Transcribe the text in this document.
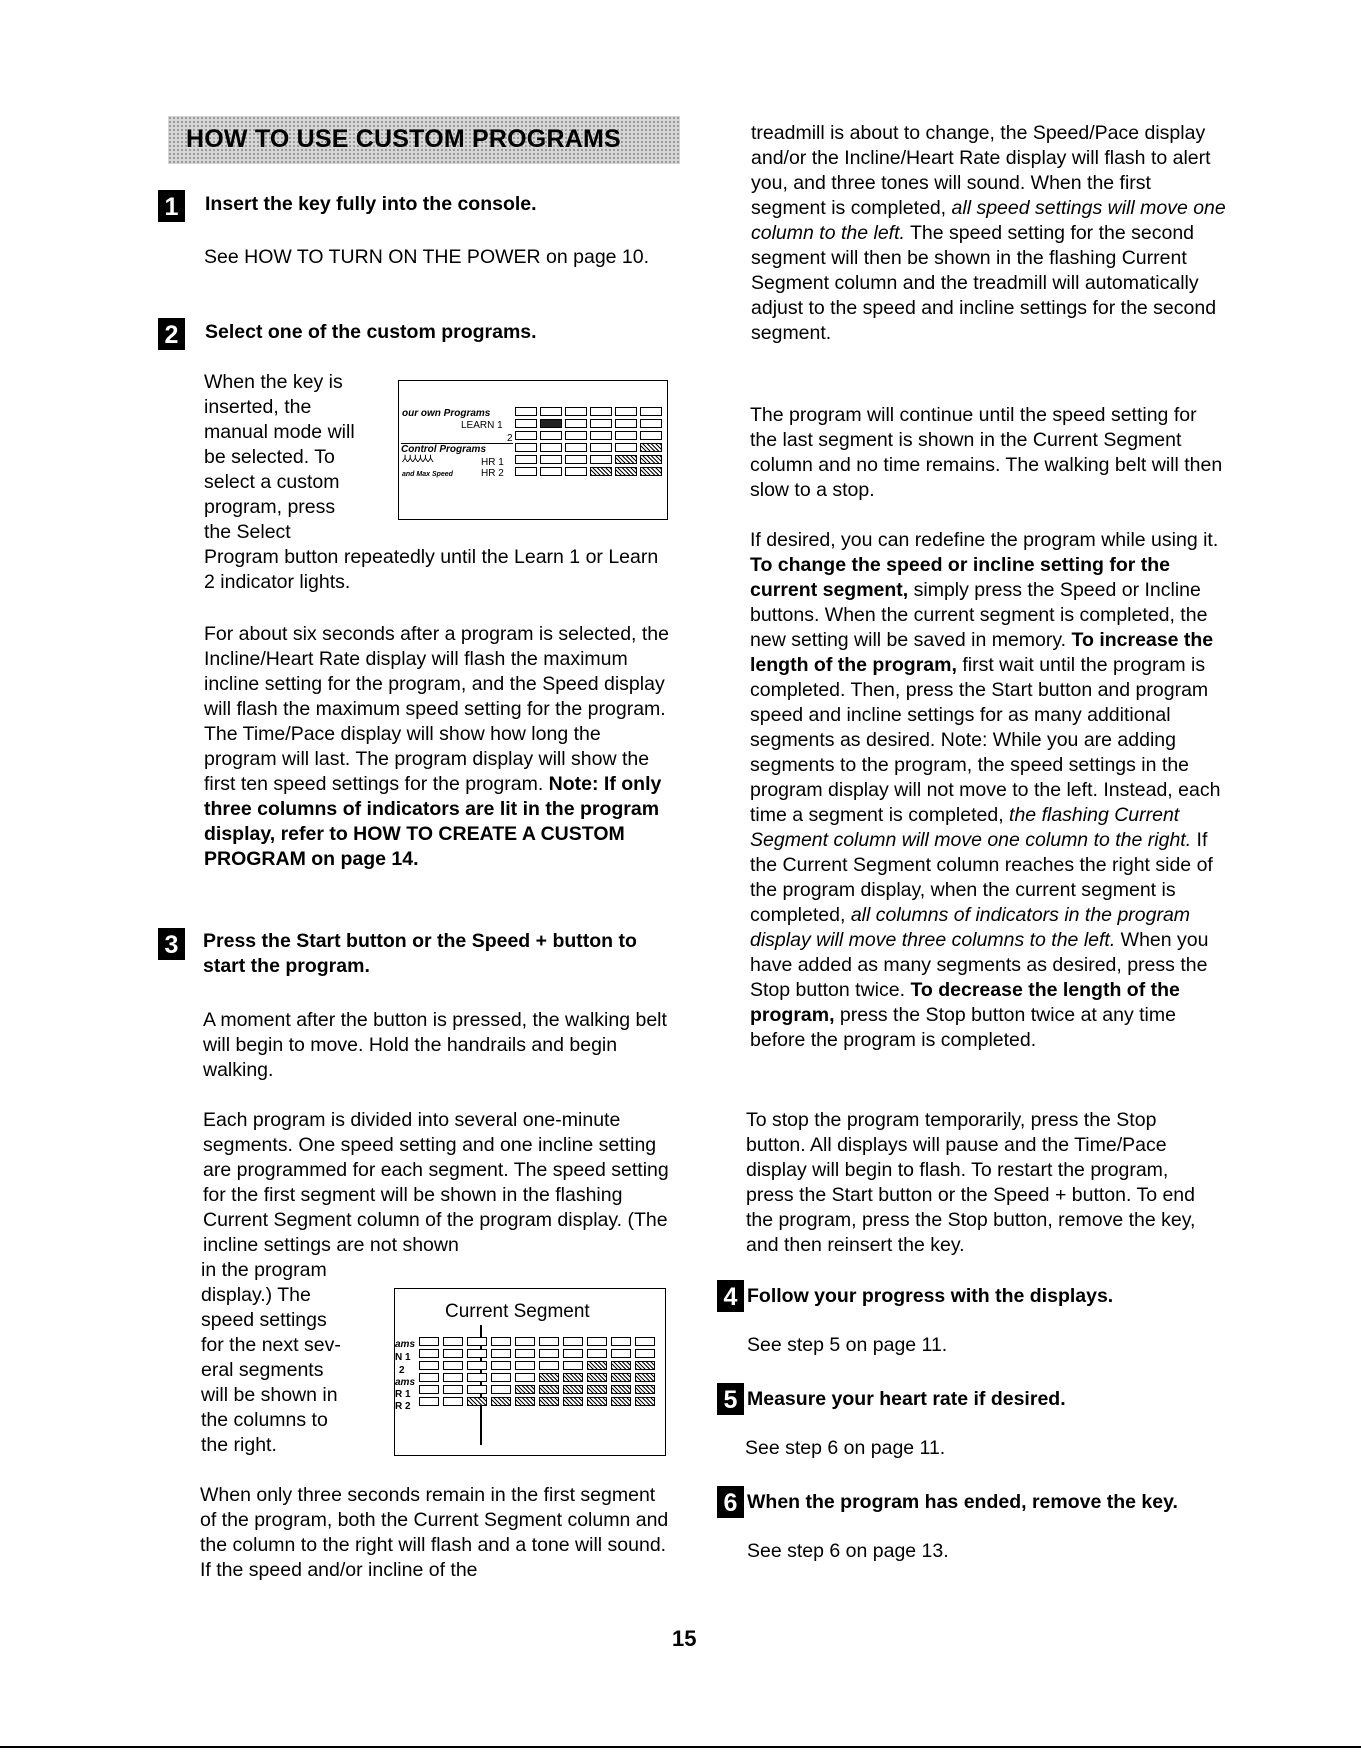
HOW TO USE CUSTOM PROGRAMS
1	Insert the key fully into the console.

See HOW TO TURN ON THE POWER on page 10.

2	Select one of the custom programs.

When the key is

inserted, the

manual mode will

be selected. To

select a custom

program, press

the Select

Program button repeatedly until the Learn 1 or Learn 2 indicator lights.

our own Programs
LEARN 1
2
Control Programs
HR 1
HR 2
and Max Speed
⅄⅄⅄⅄⅄⅄

For about six seconds after a program is selected, the Incline/Heart Rate display will flash the maximum incline setting for the program, and the Speed display will flash the maximum speed setting for the program. The Time/Pace display will show how long the program will last. The program display will show the first ten speed settings for the program. Note: If only three columns of indicators are lit in the program display, refer to HOW TO CREATE A CUSTOM PROGRAM on page 14.

3	Press the Start button or the Speed + button to

start the program.

A moment after the button is pressed, the walking belt will begin to move. Hold the handrails and begin walking.

Each program is divided into several one-minute segments. One speed setting and one incline setting are programmed for each segment. The speed setting for the first segment will be shown in the flashing Current Segment column of the program display. (The incline settings are not shown

in the program

display.) The

speed settings

for the next sev-

eral segments

will be shown in

the columns to

the right.

Current Segment
ams
N 1
2
ams
R 1
R 2

When only three seconds remain in the first segment of the program, both the Current Segment column and the column to the right will flash and a tone will sound. If the speed and/or incline of the

treadmill is about to change, the Speed/Pace display and/or the Incline/Heart Rate display will flash to alert you, and three tones will sound. When the first segment is completed, all speed settings will move one column to the left. The speed setting for the second segment will then be shown in the flashing Current Segment column and the treadmill will automatically adjust to the speed and incline settings for the second segment.

The program will continue until the speed setting for the last segment is shown in the Current Segment column and no time remains. The walking belt will then slow to a stop.

If desired, you can redefine the program while using it. To change the speed or incline setting for the current segment, simply press the Speed or Incline buttons. When the current segment is completed, the new setting will be saved in memory. To increase the length of the program, first wait until the program is completed. Then, press the Start button and program speed and incline settings for as many additional segments as desired. Note: While you are adding segments to the program, the speed settings in the program display will not move to the left. Instead, each time a segment is completed, the flashing Current Segment column will move one column to the right. If the Current Segment column reaches the right side of the program display, when the current segment is completed, all columns of indicators in the program display will move three columns to the left. When you have added as many segments as desired, press the Stop button twice. To decrease the length of the program, press the Stop button twice at any time before the program is completed.

To stop the program temporarily, press the Stop button. All displays will pause and the Time/Pace display will begin to flash. To restart the program, press the Start button or the Speed + button. To end the program, press the Stop button, remove the key, and then reinsert the key.

4 Follow your progress with the displays.

See step 5 on page 11.

5 Measure your heart rate if desired.

See step 6 on page 11.

6 When the program has ended, remove the key.

See step 6 on page 13.

15
